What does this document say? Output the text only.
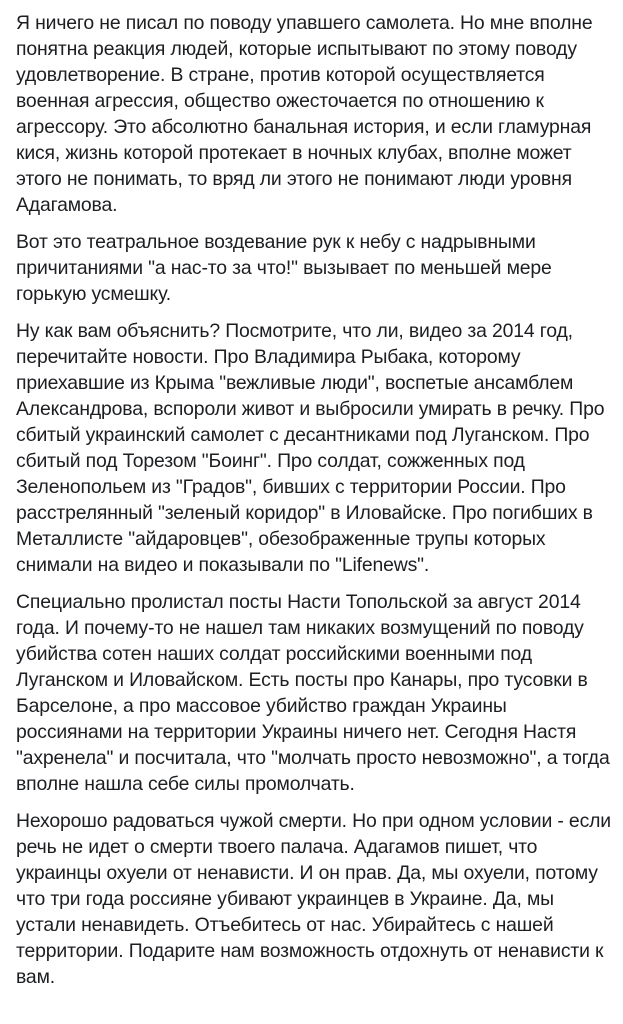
Я ничего не писал по поводу упавшего самолета. Но мне вполне понятна реакция людей, которые испытывают по этому поводу удовлетворение. В стране, против которой осуществляется военная агрессия, общество ожесточается по отношению к агрессору. Это абсолютно банальная история, и если гламурная кися, жизнь которой протекает в ночных клубах, вполне может этого не понимать, то вряд ли этого не понимают люди уровня Адагамова.

Вот это театральное воздевание рук к небу с надрывными причитаниями "а нас-то за что!" вызывает по меньшей мере горькую усмешку.

Ну как вам объяснить? Посмотрите, что ли, видео за 2014 год, перечитайте новости. Про Владимира Рыбака, которому приехавшие из Крыма "вежливые люди", воспетые ансамблем Александрова, вспороли живот и выбросили умирать в речку. Про сбитый украинский самолет с десантниками под Луганском. Про сбитый под Торезом "Боинг". Про солдат, сожженных под Зеленопольем из "Градов", бивших с территории России. Про расстрелянный "зеленый коридор" в Иловайске. Про погибших в Металлисте "айдаровцев", обезображенные трупы которых снимали на видео и показывали по "Lifenews".

Специально пролистал посты Насти Топольской за август 2014 года. И почему-то не нашел там никаких возмущений по поводу убийства сотен наших солдат российскими военными под Луганском и Иловайском. Есть посты про Канары, про тусовки в Барселоне, а про массовое убийство граждан Украины россиянами на территории Украины ничего нет. Сегодня Настя "ахренела" и посчитала, что "молчать просто невозможно", а тогда вполне нашла себе силы промолчать.

Нехорошо радоваться чужой смерти. Но при одном условии - если речь не идет о смерти твоего палача. Адагамов пишет, что украинцы охуели от ненависти. И он прав. Да, мы охуели, потому что три года россияне убивают украинцев в Украине. Да, мы устали ненавидеть. Отъебитесь от нас. Убирайтесь с нашей территории. Подарите нам возможность отдохнуть от ненависти к вам.
